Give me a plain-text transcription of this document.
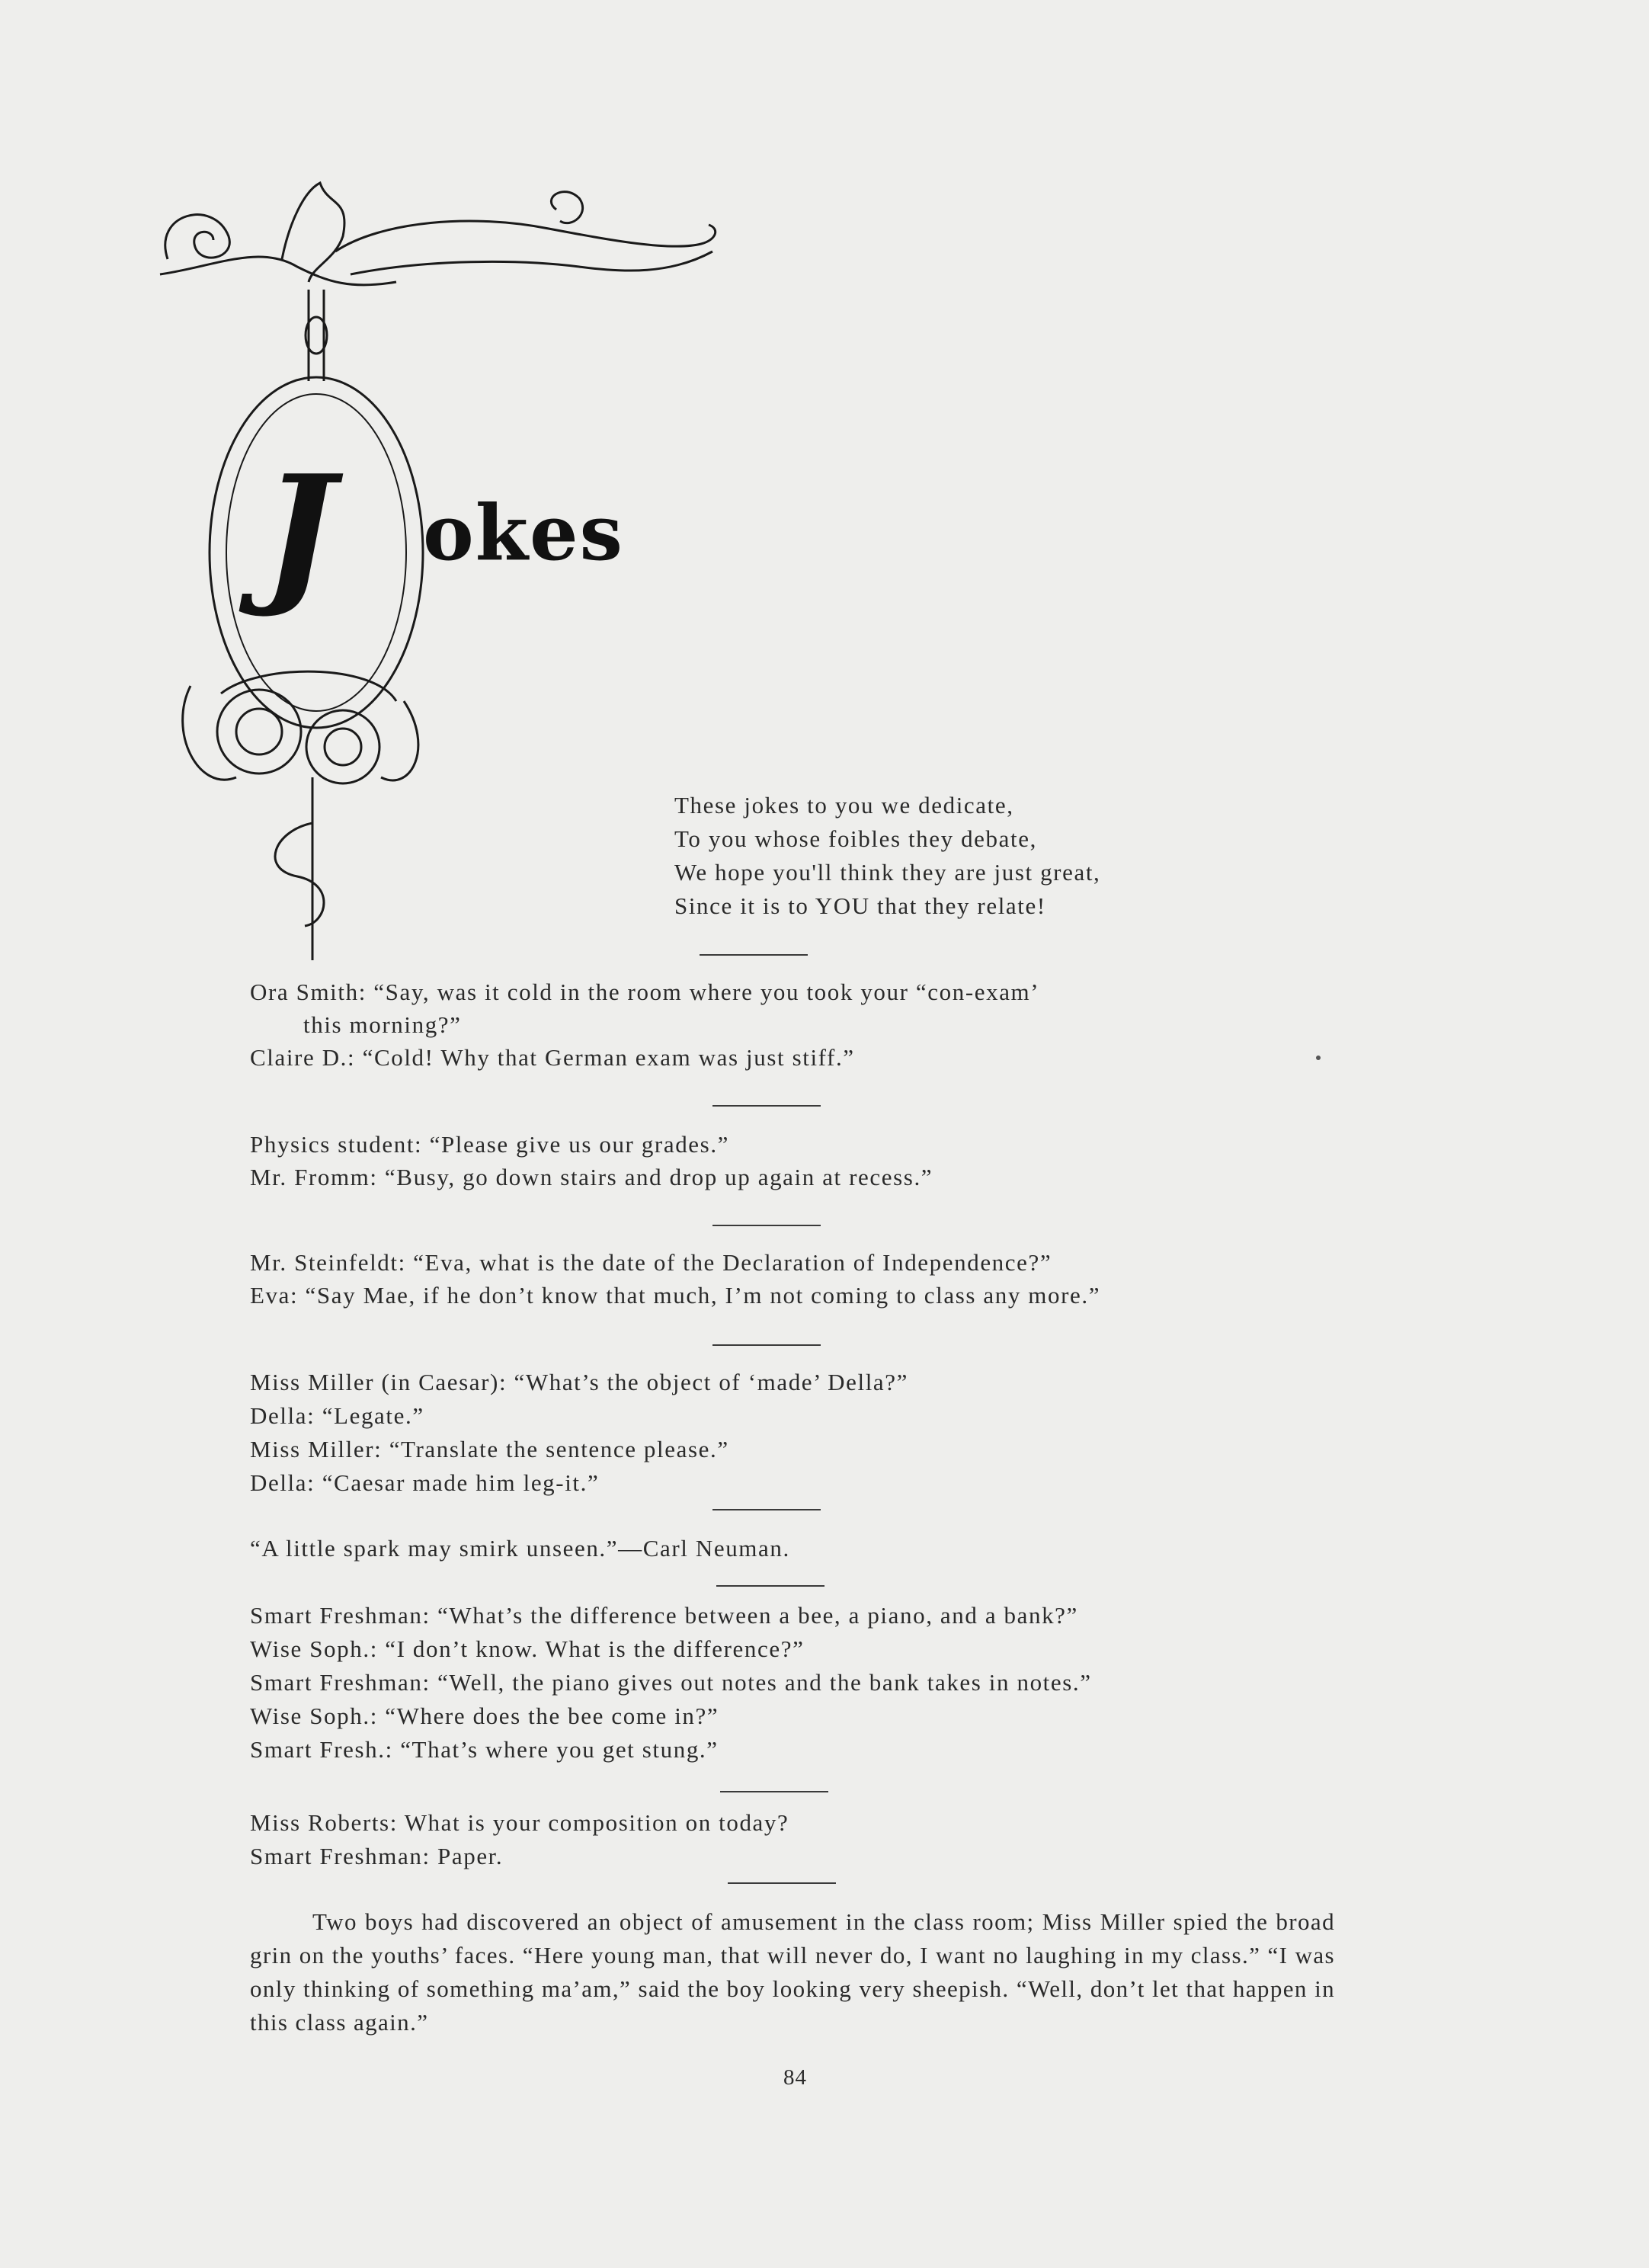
J okes
These jokes to you we dedicate,
To you whose foibles they debate,
We hope you'll think they are just great,
Since it is to YOU that they relate!
Ora Smith: “Say, was it cold in the room where you took your “con-exam’
this morning?”
Claire D.: “Cold! Why that German exam was just stiff.”
Physics student: “Please give us our grades.”
Mr. Fromm: “Busy, go down stairs and drop up again at recess.”
Mr. Steinfeldt: “Eva, what is the date of the Declaration of Independence?”
Eva: “Say Mae, if he don’t know that much, I’m not coming to class any more.”
Miss Miller (in Caesar): “What’s the object of ‘made’ Della?”
Della: “Legate.”
Miss Miller: “Translate the sentence please.”
Della: “Caesar made him leg-it.”
“A little spark may smirk unseen.”—Carl Neuman.
Smart Freshman: “What’s the difference between a bee, a piano, and a bank?”
Wise Soph.: “I don’t know. What is the difference?”
Smart Freshman: “Well, the piano gives out notes and the bank takes in notes.”
Wise Soph.: “Where does the bee come in?”
Smart Fresh.: “That’s where you get stung.”
Miss Roberts: What is your composition on today?
Smart Freshman: Paper.
Two boys had discovered an object of amusement in the class room; Miss Miller spied the broad grin on the youths’ faces. “Here young man, that will never do, I want no laughing in my class.” “I was only thinking of something ma’am,” said the boy looking very sheepish. “Well, don’t let that happen in this class again.”
84
